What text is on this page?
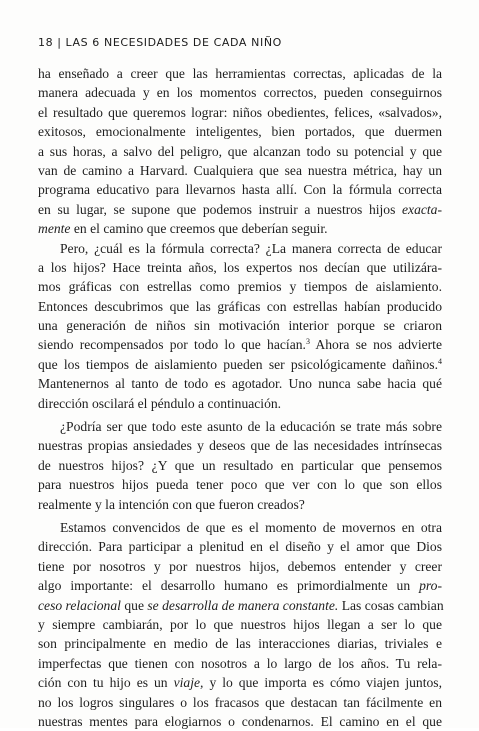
18 | LAS 6 NECESIDADES DE CADA NIÑO
ha enseñado a creer que las herramientas correctas, aplicadas de la
manera adecuada y en los momentos correctos, pueden conseguirnos
el resultado que queremos lograr: niños obedientes, felices, «salvados»,
exitosos, emocionalmente inteligentes, bien portados, que duermen
a sus horas, a salvo del peligro, que alcanzan todo su potencial y que
van de camino a Harvard. Cualquiera que sea nuestra métrica, hay un
programa educativo para llevarnos hasta allí. Con la fórmula correcta
en su lugar, se supone que podemos instruir a nuestros hijos exacta-
mente en el camino que creemos que deberían seguir.
Pero, ¿cuál es la fórmula correcta? ¿La manera correcta de educar
a los hijos? Hace treinta años, los expertos nos decían que utilizára-
mos gráficas con estrellas como premios y tiempos de aislamiento.
Entonces descubrimos que las gráficas con estrellas habían producido
una generación de niños sin motivación interior porque se criaron
siendo recompensados por todo lo que hacían.$^3$ Ahora se nos advierte
que los tiempos de aislamiento pueden ser psicológicamente dañinos.$^4$
Mantenernos al tanto de todo es agotador. Uno nunca sabe hacia qué
dirección oscilará el péndulo a continuación.
¿Podría ser que todo este asunto de la educación se trate más sobre
nuestras propias ansiedades y deseos que de las necesidades intrínsecas
de nuestros hijos? ¿Y que un resultado en particular que pensemos
para nuestros hijos pueda tener poco que ver con lo que son ellos
realmente y la intención con que fueron creados?
Estamos convencidos de que es el momento de movernos en otra
dirección. Para participar a plenitud en el diseño y el amor que Dios
tiene por nosotros y por nuestros hijos, debemos entender y creer
algo importante: el desarrollo humano es primordialmente un pro-
ceso relacional que se desarrolla de manera constante. Las cosas cambian
y siempre cambiarán, por lo que nuestros hijos llegan a ser lo que
son principalmente en medio de las interacciones diarias, triviales e
imperfectas que tienen con nosotros a lo largo de los años. Tu rela-
ción con tu hijo es un viaje, y lo que importa es cómo viajen juntos,
no los logros singulares o los fracasos que destacan tan fácilmente en
nuestras mentes para elogiarnos o condenarnos. El camino en el que
